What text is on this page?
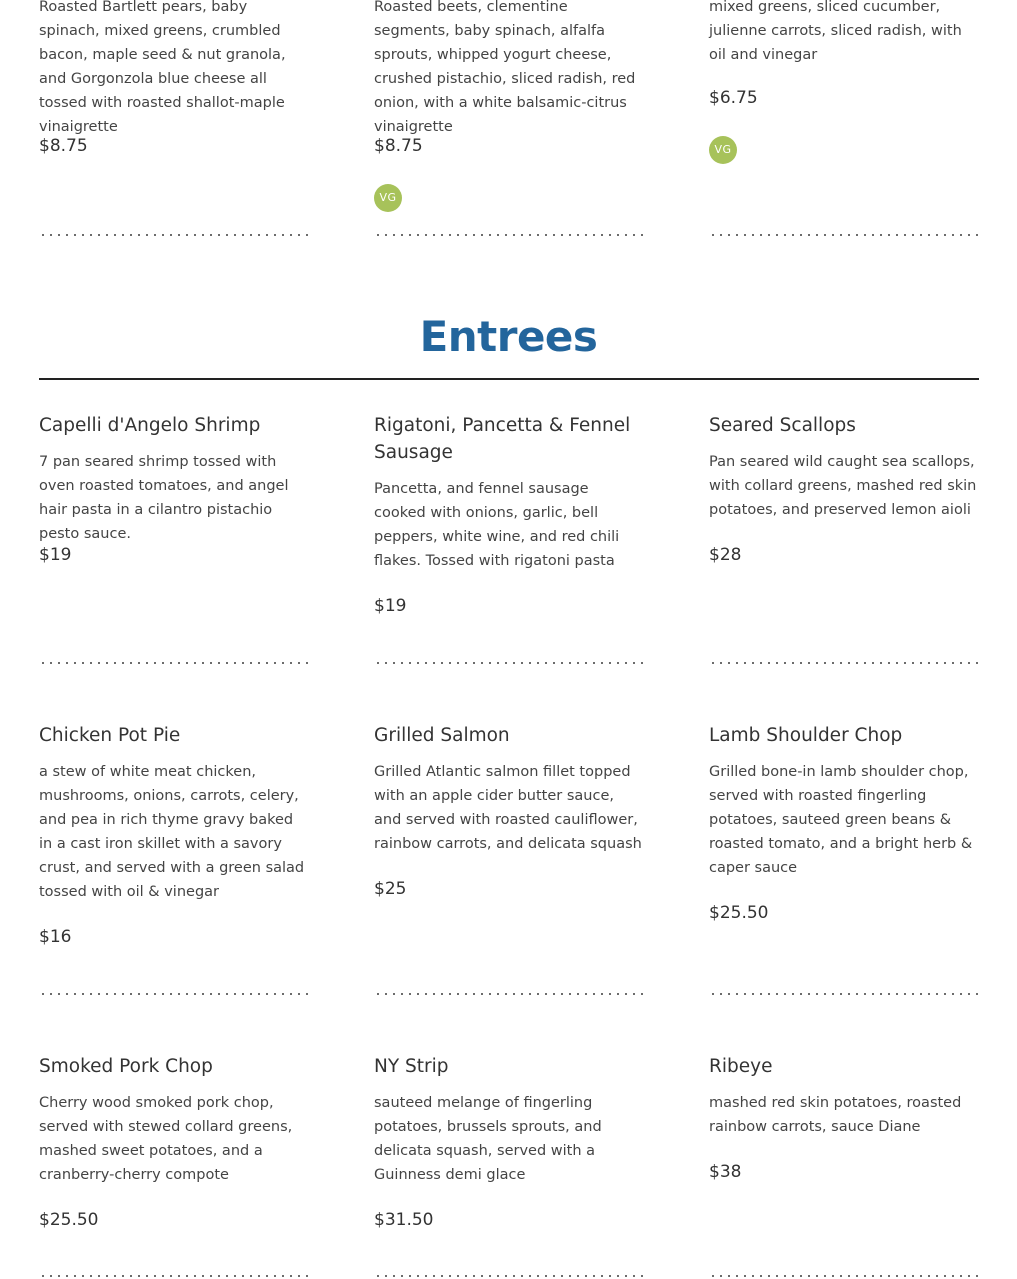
Roasted Bartlett pears, baby spinach, mixed greens, crumbled bacon, maple seed & nut granola, and Gorgonzola blue cheese all tossed with roasted shallot-maple vinaigrette

$8.75

Roasted beets, clementine segments, baby spinach, alfalfa sprouts, whipped yogurt cheese, crushed pistachio, sliced radish, red onion, with a white balsamic-citrus vinaigrette

$8.75
VG

mixed greens, sliced cucumber, julienne carrots, sliced radish, with oil and vinegar

$6.75
VG
Entrees

Capelli d'Angelo Shrimp

7 pan seared shrimp tossed with oven roasted tomatoes, and angel hair pasta in a cilantro pistachio pesto sauce.

$19

Rigatoni, Pancetta & Fennel Sausage

Pancetta, and fennel sausage cooked with onions, garlic, bell peppers, white wine, and red chili flakes. Tossed with rigatoni pasta

$19

Seared Scallops

Pan seared wild caught sea scallops, with collard greens, mashed red skin potatoes, and preserved lemon aioli

$28

Chicken Pot Pie

a stew of white meat chicken, mushrooms, onions, carrots, celery, and pea in rich thyme gravy baked in a cast iron skillet with a savory crust, and served with a green salad tossed with oil & vinegar

$16

Grilled Salmon

Grilled Atlantic salmon fillet topped with an apple cider butter sauce, and served with roasted cauliflower, rainbow carrots, and delicata squash

$25

Lamb Shoulder Chop

Grilled bone-in lamb shoulder chop, served with roasted fingerling potatoes, sauteed green beans & roasted tomato, and a bright herb & caper sauce

$25.50

Smoked Pork Chop

Cherry wood smoked pork chop, served with stewed collard greens, mashed sweet potatoes, and a cranberry-cherry compote

$25.50

NY Strip

sauteed melange of fingerling potatoes, brussels sprouts, and delicata squash, served with a Guinness demi glace

$31.50

Ribeye

mashed red skin potatoes, roasted rainbow carrots, sauce Diane

$38
